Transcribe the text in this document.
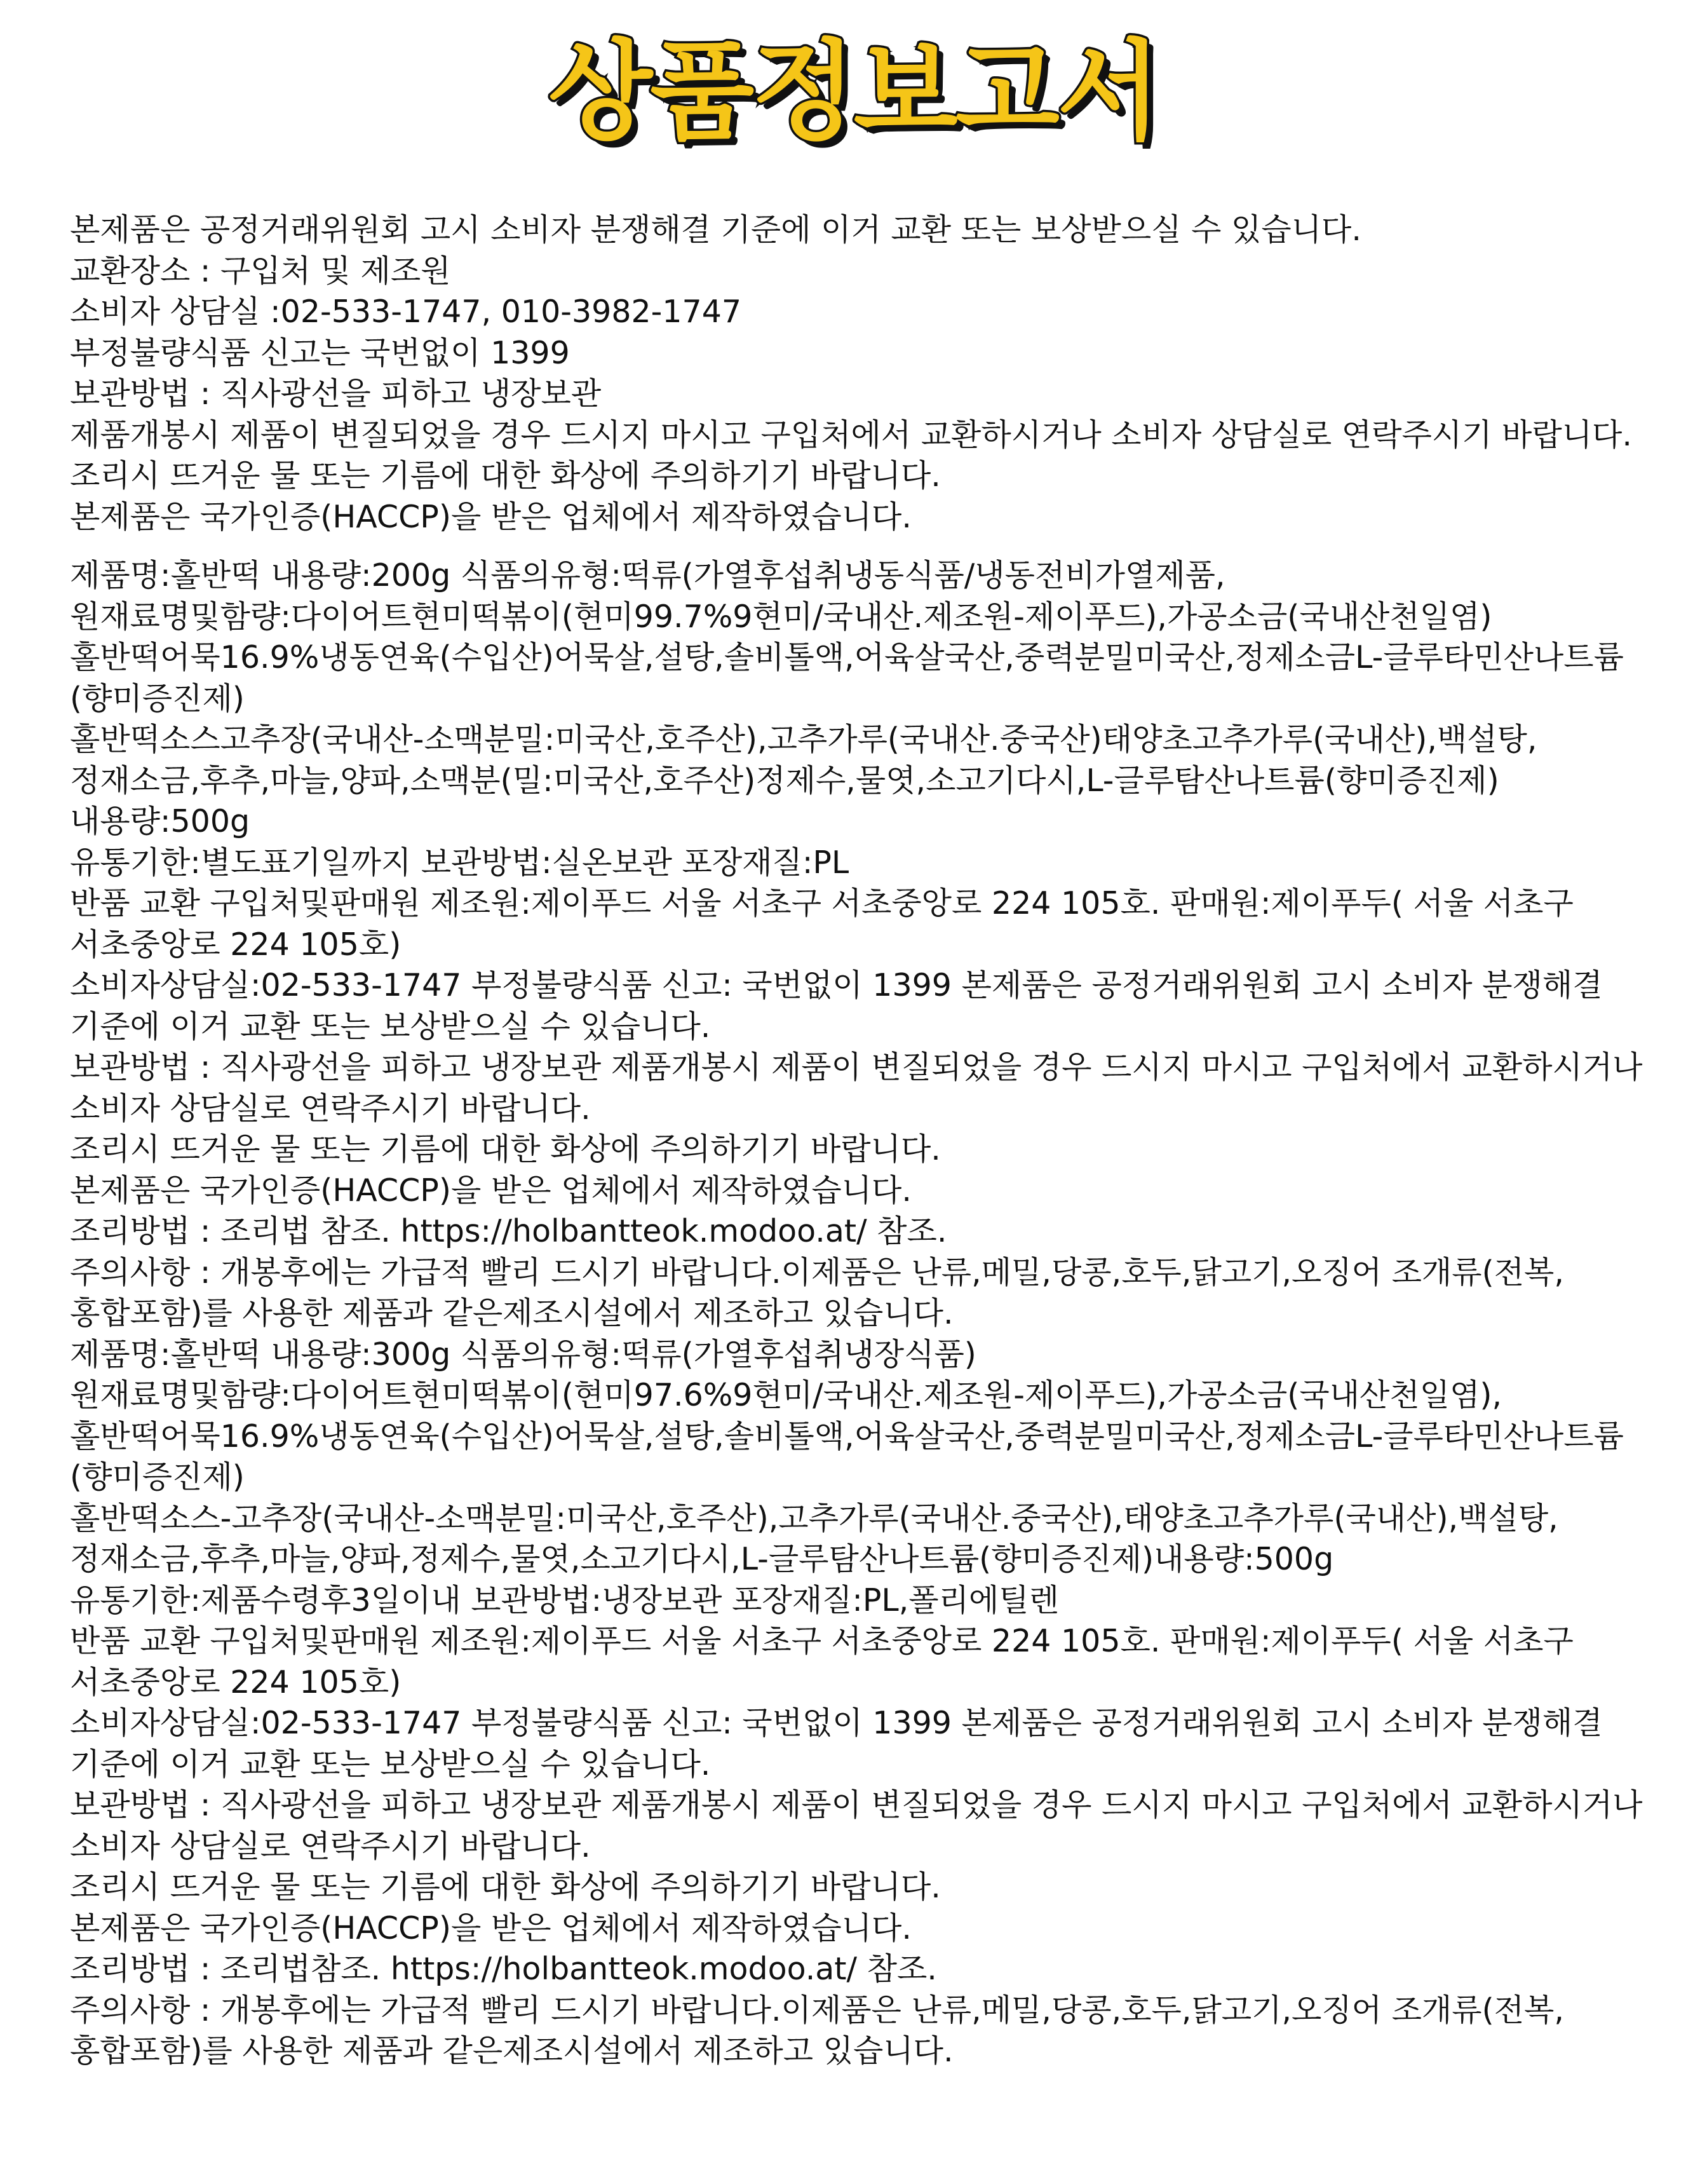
상품정보고서

본제품은 공정거래위원회 고시 소비자 분쟁해결 기준에 이거 교환 또는 보상받으실 수 있습니다.

교환장소 : 구입처 및 제조원

소비자 상담실 :02-533-1747, 010-3982-1747

부정불량식품 신고는 국번없이 1399

보관방법 : 직사광선을 피하고 냉장보관

제품개봉시 제품이 변질되었을 경우 드시지 마시고 구입처에서 교환하시거나 소비자 상담실로 연락주시기 바랍니다.

조리시 뜨거운 물 또는 기름에 대한 화상에 주의하기기 바랍니다.

본제품은 국가인증(HACCP)을 받은 업체에서 제작하였습니다.

제품명:홀반떡 내용량:200g 식품의유형:떡류(가열후섭취냉동식품/냉동전비가열제품,

원재료명및함량:다이어트현미떡볶이(현미99.7%9현미/국내산.제조원-제이푸드),가공소금(국내산천일염)

홀반떡어묵16.9%냉동연육(수입산)어묵살,설탕,솔비톨액,어육살국산,중력분밀미국산,정제소금L-글루타민산나트륨(향미증진제)

홀반떡소스고추장(국내산-소맥분밀:미국산,호주산),고추가루(국내산.중국산)태양초고추가루(국내산),백설탕,정재소금,후추,마늘,양파,소맥분(밀:미국산,호주산)정제수,물엿,소고기다시,L-글루탐산나트륨(향미증진제)내용량:500g

유통기한:별도표기일까지 보관방법:실온보관 포장재질:PL

반품 교환 구입처및판매원 제조원:제이푸드 서울 서초구 서초중앙로 224 105호. 판매원:제이푸두( 서울 서초구 서초중앙로 224 105호)

소비자상담실:02-533-1747 부정불량식품 신고: 국번없이 1399 본제품은 공정거래위원회 고시 소비자 분쟁해결 기준에 이거 교환 또는 보상받으실 수 있습니다.

보관방법 : 직사광선을 피하고 냉장보관 제품개봉시 제품이 변질되었을 경우 드시지 마시고 구입처에서 교환하시거나 소비자 상담실로 연락주시기 바랍니다.

조리시 뜨거운 물 또는 기름에 대한 화상에 주의하기기 바랍니다.

본제품은 국가인증(HACCP)을 받은 업체에서 제작하였습니다.

조리방법 : 조리법 참조. https://holbantteok.modoo.at/ 참조.

주의사항 : 개봉후에는 가급적 빨리 드시기 바랍니다.이제품은 난류,메밀,당콩,호두,닭고기,오징어 조개류(전복,홍합포함)를 사용한 제품과 같은제조시설에서 제조하고 있습니다.

제품명:홀반떡 내용량:300g 식품의유형:떡류(가열후섭취냉장식품)

원재료명및함량:다이어트현미떡볶이(현미97.6%9현미/국내산.제조원-제이푸드),가공소금(국내산천일염),

홀반떡어묵16.9%냉동연육(수입산)어묵살,설탕,솔비톨액,어육살국산,중력분밀미국산,정제소금L-글루타민산나트륨(향미증진제)

홀반떡소스-고추장(국내산-소맥분밀:미국산,호주산),고추가루(국내산.중국산),태양초고추가루(국내산),백설탕,정재소금,후추,마늘,양파,정제수,물엿,소고기다시,L-글루탐산나트륨(향미증진제)내용량:500g

유통기한:제품수령후3일이내 보관방법:냉장보관 포장재질:PL,폴리에틸렌

반품 교환 구입처및판매원 제조원:제이푸드 서울 서초구 서초중앙로 224 105호. 판매원:제이푸두( 서울 서초구 서초중앙로 224 105호)

소비자상담실:02-533-1747 부정불량식품 신고: 국번없이 1399 본제품은 공정거래위원회 고시 소비자 분쟁해결 기준에 이거 교환 또는 보상받으실 수 있습니다.

보관방법 : 직사광선을 피하고 냉장보관 제품개봉시 제품이 변질되었을 경우 드시지 마시고 구입처에서 교환하시거나 소비자 상담실로 연락주시기 바랍니다.

조리시 뜨거운 물 또는 기름에 대한 화상에 주의하기기 바랍니다.

본제품은 국가인증(HACCP)을 받은 업체에서 제작하였습니다.

조리방법 : 조리법참조. https://holbantteok.modoo.at/ 참조.

주의사항 : 개봉후에는 가급적 빨리 드시기 바랍니다.이제품은 난류,메밀,당콩,호두,닭고기,오징어 조개류(전복,홍합포함)를 사용한 제품과 같은제조시설에서 제조하고 있습니다.
